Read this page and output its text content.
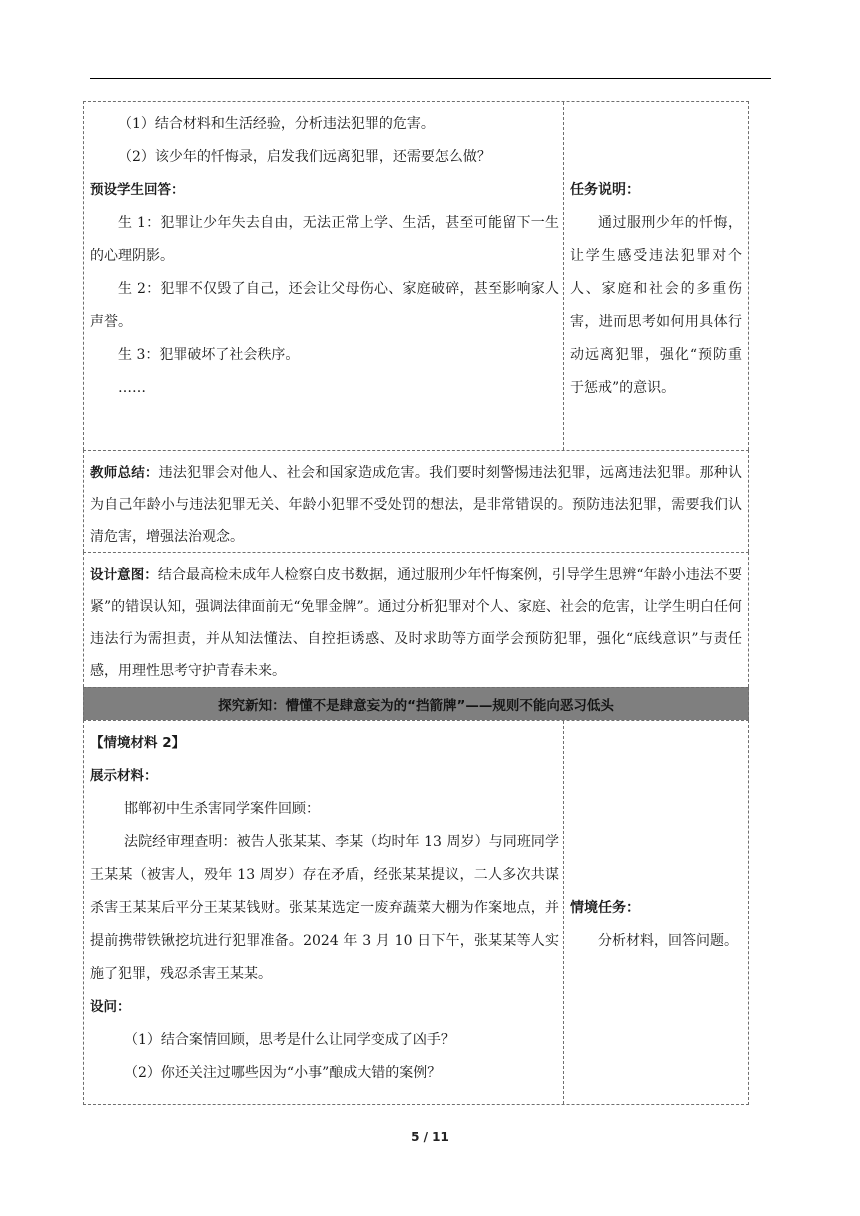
（1）结合材料和生活经验，分析违法犯罪的危害。

（2）该少年的忏悔录，启发我们远离犯罪，还需要怎么做？

预设学生回答：

生 1：犯罪让少年失去自由，无法正常上学、生活，甚至可能留下一生的心理阴影。

生 2：犯罪不仅毁了自己，还会让父母伤心、家庭破碎，甚至影响家人声誉。

生 3：犯罪破坏了社会秩序。

……

任务说明：

通过服刑少年的忏悔，让学生感受违法犯罪对个人、家庭和社会的多重伤害，进而思考如何用具体行动远离犯罪，强化“预防重于惩戒”的意识。

教师总结：违法犯罪会对他人、社会和国家造成危害。我们要时刻警惕违法犯罪，远离违法犯罪。那种认为自己年龄小与违法犯罪无关、年龄小犯罪不受处罚的想法，是非常错误的。预防违法犯罪，需要我们认清危害，增强法治观念。

设计意图：结合最高检未成年人检察白皮书数据，通过服刑少年忏悔案例，引导学生思辨“年龄小违法不要紧”的错误认知，强调法律面前无“免罪金牌”。通过分析犯罪对个人、家庭、社会的危害，让学生明白任何违法行为需担责，并从知法懂法、自控拒诱惑、及时求助等方面学会预防犯罪，强化“底线意识”与责任感，用理性思考守护青春未来。

探究新知：懵懂不是肆意妄为的“挡箭牌”——规则不能向恶习低头

【情境材料 2】

展示材料：

邯郸初中生杀害同学案件回顾：

法院经审理查明：被告人张某某、李某（均时年 13 周岁）与同班同学王某某（被害人，殁年 13 周岁）存在矛盾，经张某某提议，二人多次共谋杀害王某某后平分王某某钱财。张某某选定一废弃蔬菜大棚为作案地点，并提前携带铁锹挖坑进行犯罪准备。2024 年 3 月 10 日下午，张某某等人实施了犯罪，残忍杀害王某某。

设问：

（1）结合案情回顾，思考是什么让同学变成了凶手？

（2）你还关注过哪些因为“小事”酿成大错的案例？

情境任务：

分析材料，回答问题。

5 / 11
